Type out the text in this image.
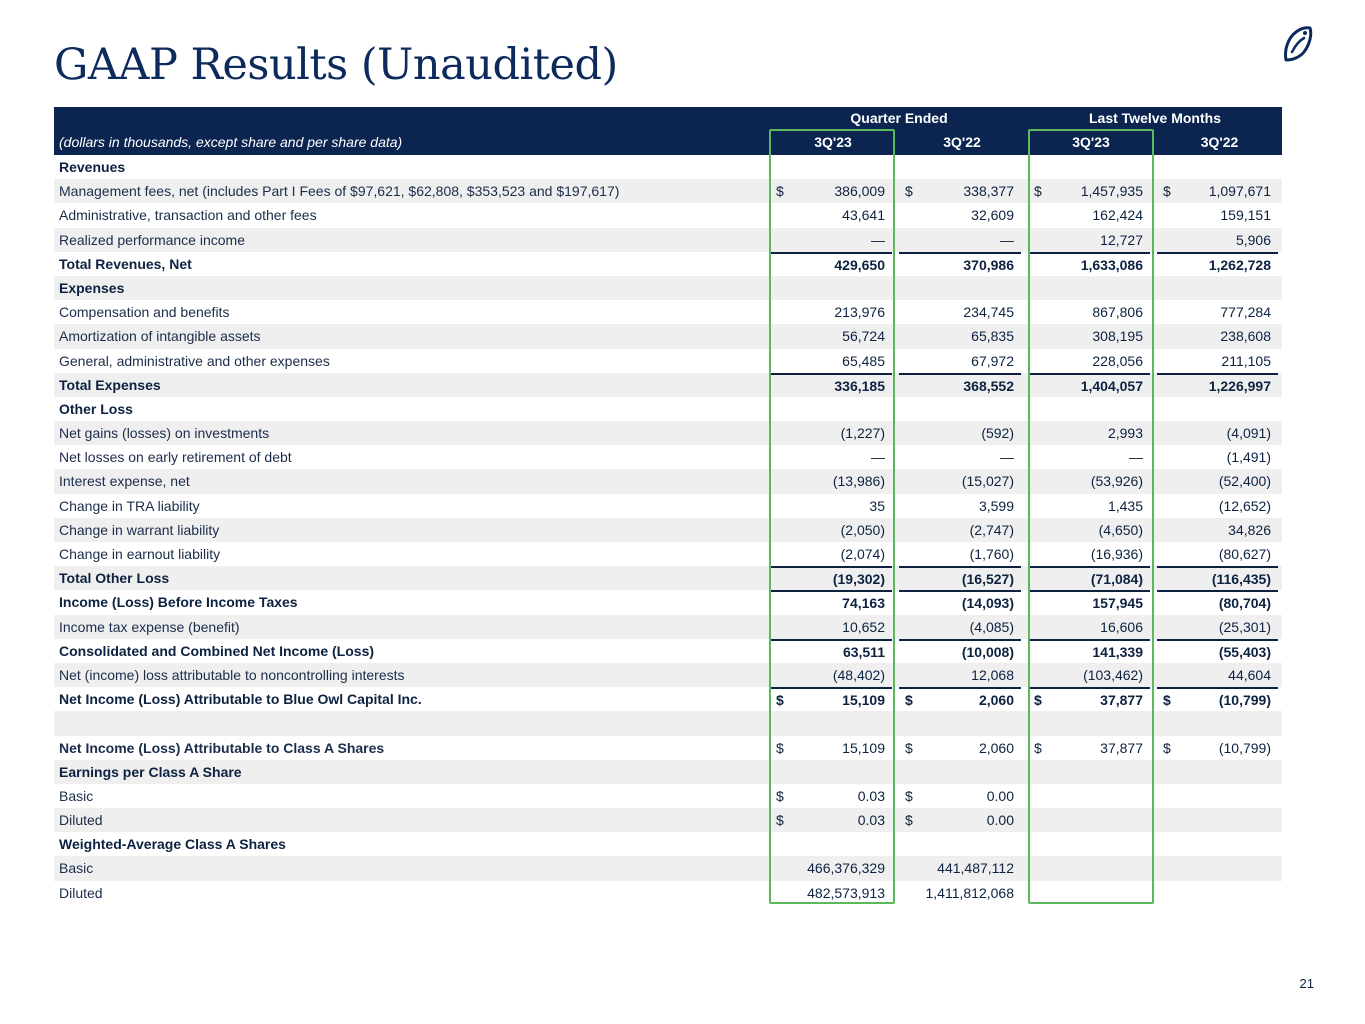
GAAP Results (Unaudited)
Quarter Ended	Last Twelve Months
(dollars in thousands, except share and per share data)	3Q'23	3Q'22	3Q'23	3Q'22
Revenues
Management fees, net (includes Part I Fees of $97,621, $62,808, $353,523 and $197,617)	$	386,009 $	338,377 $	1,457,935 $	1,097,671
Administrative, transaction and other fees	43,641	32,609	162,424	159,151
Realized performance income	—	—	12,727	5,906
Total Revenues, Net	429,650	370,986	1,633,086	1,262,728
Expenses
Compensation and benefits	213,976	234,745	867,806	777,284
Amortization of intangible assets	56,724	65,835	308,195	238,608
General, administrative and other expenses	65,485	67,972	228,056	211,105
Total Expenses	336,185	368,552	1,404,057	1,226,997
Other Loss
Net gains (losses) on investments	(1,227)	(592)	2,993	(4,091)
Net losses on early retirement of debt	—	—	—	(1,491)
Interest expense, net	(13,986)	(15,027)	(53,926)	(52,400)
Change in TRA liability	35	3,599	1,435	(12,652)
Change in warrant liability	(2,050)	(2,747)	(4,650)	34,826
Change in earnout liability	(2,074)	(1,760)	(16,936)	(80,627)
Total Other Loss	(19,302)	(16,527)	(71,084)	(116,435)
Income (Loss) Before Income Taxes	74,163	(14,093)	157,945	(80,704)
Income tax expense (benefit)	10,652	(4,085)	16,606	(25,301)
Consolidated and Combined Net Income (Loss)	63,511	(10,008)	141,339	(55,403)
Net (income) loss attributable to noncontrolling interests	(48,402)	12,068	(103,462)	44,604
Net Income (Loss) Attributable to Blue Owl Capital Inc.	$	15,109 $	2,060 $	37,877 $	(10,799)
Net Income (Loss) Attributable to Class A Shares	$	15,109 $	2,060 $	37,877 $	(10,799)
Earnings per Class A Share
Basic	$	0.03 $	0.00
Diluted	$	0.03 $	0.00
Weighted-Average Class A Shares
Basic	466,376,329	441,487,112
Diluted	482,573,913	1,411,812,068
21
